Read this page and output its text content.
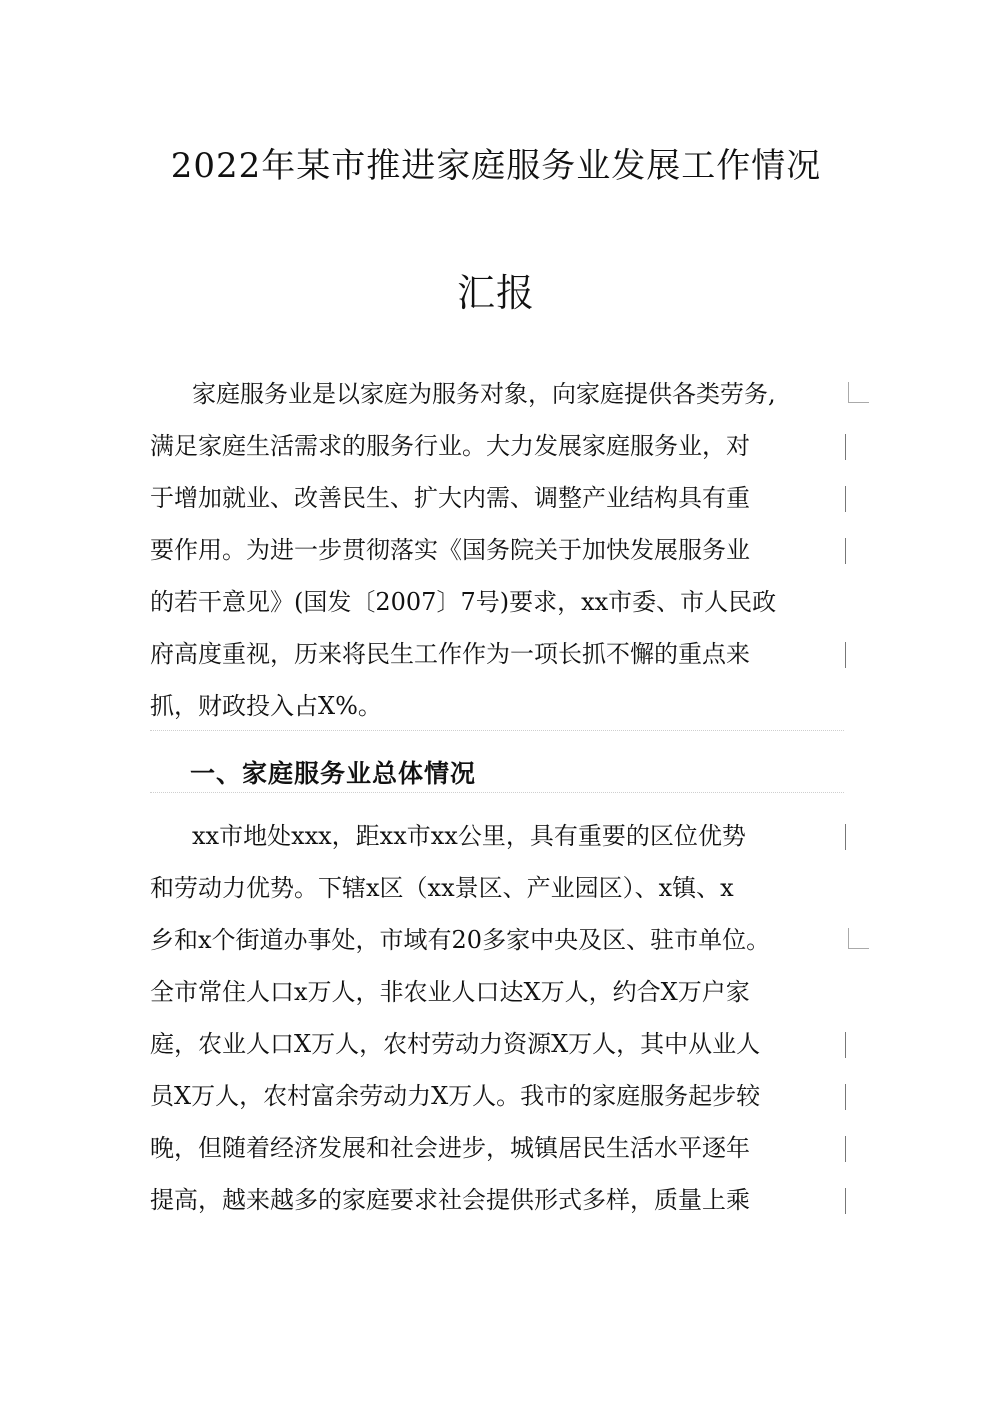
2022年某市推进家庭服务业发展工作情况
汇报
家庭服务业是以家庭为服务对象，向家庭提供各类劳务,
满足家庭生活需求的服务行业。大力发展家庭服务业，对
于增加就业、改善民生、扩大内需、调整产业结构具有重
要作用。为进一步贯彻落实《国务院关于加快发展服务业
的若干意见》(国发〔2007〕7号)要求，xx市委、市人民政
府高度重视，历来将民生工作作为一项长抓不懈的重点来
抓，财政投入占X%。
一、家庭服务业总体情况
xx市地处xxx，距xx市xx公里，具有重要的区位优势
和劳动力优势。下辖x区（xx景区、产业园区）、x镇、x
乡和x个街道办事处，市域有20多家中央及区、驻市单位。
全市常住人口x万人，非农业人口达X万人，约合X万户家
庭，农业人口X万人，农村劳动力资源X万人，其中从业人
员X万人，农村富余劳动力X万人。我市的家庭服务起步较
晚，但随着经济发展和社会进步，城镇居民生活水平逐年
提高，越来越多的家庭要求社会提供形式多样，质量上乘
